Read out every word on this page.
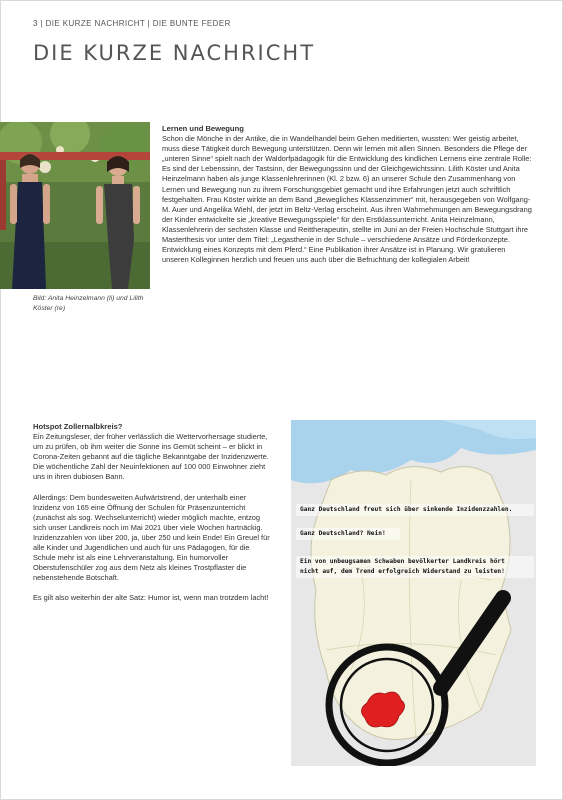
3 | DIE KURZE NACHRICHT | DIE BUNTE FEDER
DIE KURZE NACHRICHT
Bild: Anita Heinzelmann (li) und Lilith Köster (re)
Lernen und Bewegung

Schon die Mönche in der Antike, die in Wandelhandel beim Gehen meditierten, wussten: Wer geistig arbeitet, muss diese Tätigkeit durch Bewegung unterstützen. Denn wir lernen mit allen Sinnen. Besonders die Pflege der „unteren Sinne“ spielt nach der Waldorfpädagogik für die Entwicklung des kindlichen Lernens eine zentrale Rolle: Es sind der Lebenssinn, der Tastsinn, der Bewegungssinn und der Gleichgewichtssinn. Lilith Köster und Anita Heinzelmann haben als junge Klassenlehrerinnen (Kl. 2 bzw. 6) an unserer Schule den Zusammenhang von Lernen und Bewegung nun zu ihrem Forschungsgebiet gemacht und ihre Erfahrungen jetzt auch schriftlich festgehalten. Frau Köster wirkte an dem Band „Bewegliches Klassenzimmer“ mit, herausgegeben von Wolfgang-M. Auer und Angelika Wiehl, der jetzt im Beltz-Verlag erscheint. Aus ihren Wahrnehmungen am Bewegungsdrang der Kinder entwickelte sie „kreative Bewegungsspiele“ für den Erstklassunterricht. Anita Heinzelmann, Klassenlehrerin der sechsten Klasse und Reittherapeutin, stellte im Juni an der Freien Hochschule Stuttgart ihre Masterthesis vor unter dem Titel: „Legasthenie in der Schule – verschiedene Ansätze und Förderkonzepte. Entwicklung eines Konzepts mit dem Pferd.“ Eine Publikation ihrer Ansätze ist in Planung. Wir gratulieren unseren Kolleginnen herzlich und freuen uns auch über die Befruchtung der kollegialen Arbeit!

Hotspot Zollernalbkreis?

Ein Zeitungsleser, der früher verlässlich die Wettervorhersage studierte, um zu prüfen, ob ihm weiter die Sonne ins Gemüt scheint – er blickt in Corona-Zeiten gebannt auf die tägliche Bekanntgabe der Inzidenzwerte. Die wöchentliche Zahl der Neuinfektionen auf 100 000 Einwohner zieht uns in ihren dubiosen Bann.

Allerdings: Dem bundesweiten Aufwärtstrend, der unterhalb einer Inzidenz von 165 eine Öffnung der Schulen für Präsenzunterricht (zunächst als sog. Wechselunterricht) wieder möglich machte, entzog sich unser Landkreis noch im Mai 2021 über viele Wochen hartnäckig. Inzidenzzahlen von über 200, ja, über 250 und kein Ende! Ein Greuel für alle Kinder und Jugendlichen und auch für uns Pädagogen, für die Schule mehr ist als eine Lehrveranstaltung. Ein humorvoller Oberstufenschüler zog aus dem Netz als kleines Trostpflaster die nebenstehende Botschaft.

Es gilt also weiterhin der alte Satz: Humor ist, wenn man trotzdem lacht!

Ganz Deutschland freut sich über sinkende Inzidenzzahlen.
Ganz Deutschland? Nein!
Ein von unbeugsamen Schwaben bevölkerter Landkreis hört
nicht auf, dem Trend erfolgreich Widerstand zu leisten!
